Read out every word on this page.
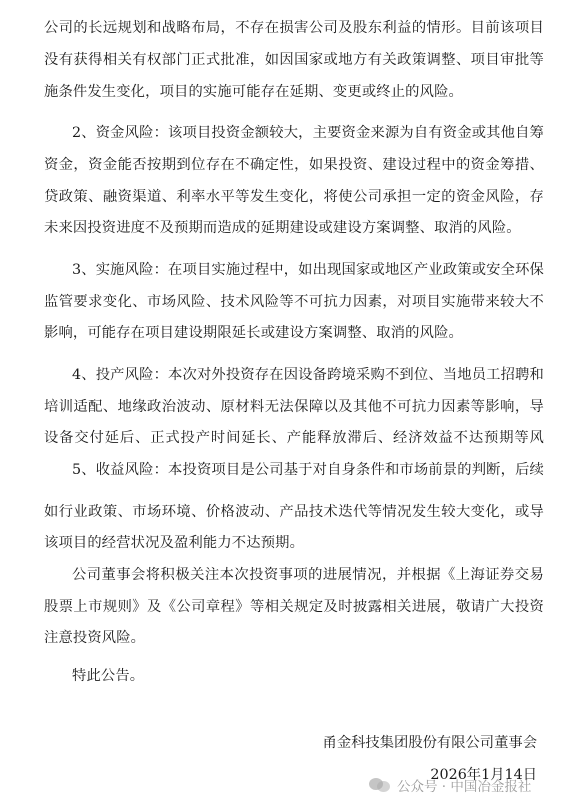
公司的长远规划和战略布局，不存在损害公司及股东利益的情形。目前该项目
没有获得相关有权部门正式批准，如因国家或地方有关政策调整、项目审批等
施条件发生变化，项目的实施可能存在延期、变更或终止的风险。
2、资金风险：该项目投资金额较大，主要资金来源为自有资金或其他自筹
资金，资金能否按期到位存在不确定性，如果投资、建设过程中的资金筹措、
贷政策、融资渠道、利率水平等发生变化，将使公司承担一定的资金风险，存
未来因投资进度不及预期而造成的延期建设或建设方案调整、取消的风险。
3、实施风险：在项目实施过程中，如出现国家或地区产业政策或安全环保
监管要求变化、市场风险、技术风险等不可抗力因素，对项目实施带来较大不
影响，可能存在项目建设期限延长或建设方案调整、取消的风险。
4、投产风险：本次对外投资存在因设备跨境采购不到位、当地员工招聘和
培训适配、地缘政治波动、原材料无法保障以及其他不可抗力因素等影响，导
设备交付延后、正式投产时间延长、产能释放滞后、经济效益不达预期等风
5、收益风险：本投资项目是公司基于对自身条件和市场前景的判断，后续
如行业政策、市场环境、价格波动、产品技术迭代等情况发生较大变化，或导
该项目的经营状况及盈利能力不达预期。
公司董事会将积极关注本次投资事项的进展情况，并根据《上海证券交易
股票上市规则》及《公司章程》等相关规定及时披露相关进展，敬请广大投资
注意投资风险。
特此公告。
甬金科技集团股份有限公司董事会
2026年1月14日
公众号 · 中国冶金报社
